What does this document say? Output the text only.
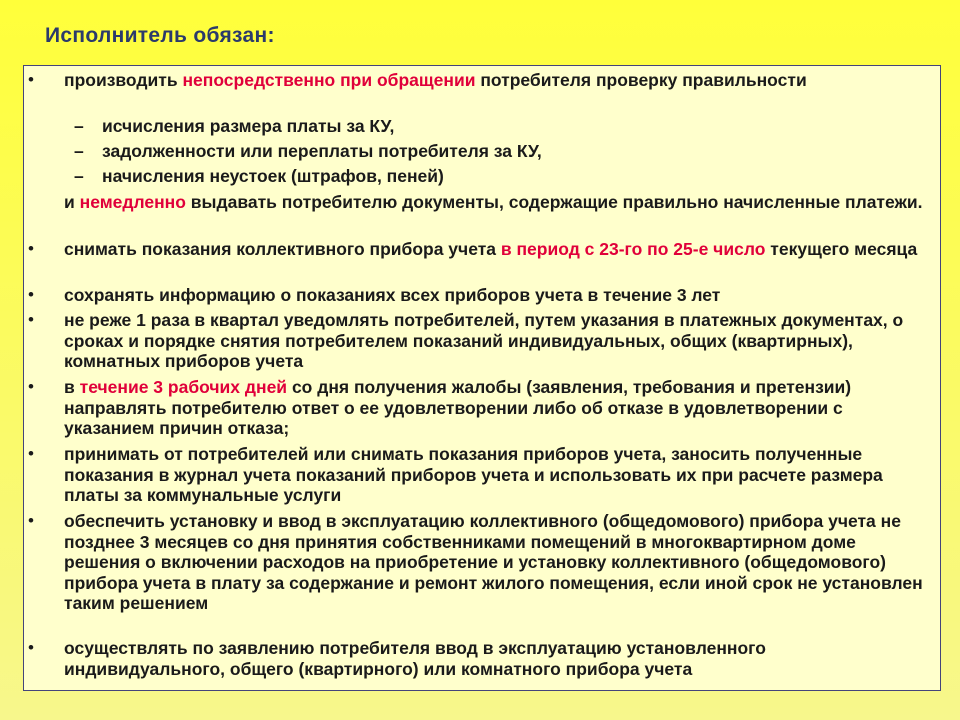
Исполнитель обязан:
• производить непосредственно при обращении потребителя проверку правильности
– исчисления размера платы за КУ,
– задолженности или переплаты потребителя за КУ,
– начисления неустоек (штрафов, пеней)
и немедленно выдавать потребителю документы, содержащие правильно начисленные платежи.
• снимать показания коллективного прибора учета в период с 23-го по 25-е число текущего месяца
• сохранять информацию о показаниях всех приборов учета в течение 3 лет
• не реже 1 раза в квартал уведомлять потребителей, путем указания в платежных документах, о сроках и порядке снятия потребителем показаний индивидуальных, общих (квартирных), комнатных приборов учета
• в течение 3 рабочих дней со дня получения жалобы (заявления, требования и претензии) направлять потребителю ответ о ее удовлетворении либо об отказе в удовлетворении с указанием причин отказа;
• принимать от потребителей или снимать показания приборов учета, заносить полученные показания в журнал учета показаний приборов учета и использовать их при расчете размера платы за коммунальные услуги
• обеспечить установку и ввод в эксплуатацию коллективного (общедомового) прибора учета не позднее 3 месяцев со дня принятия собственниками помещений в многоквартирном доме решения о включении расходов на приобретение и установку коллективного (общедомового) прибора учета в плату за содержание и ремонт жилого помещения, если иной срок не установлен таким решением
• осуществлять по заявлению потребителя ввод в эксплуатацию установленного индивидуального, общего (квартирного) или комнатного прибора учета
